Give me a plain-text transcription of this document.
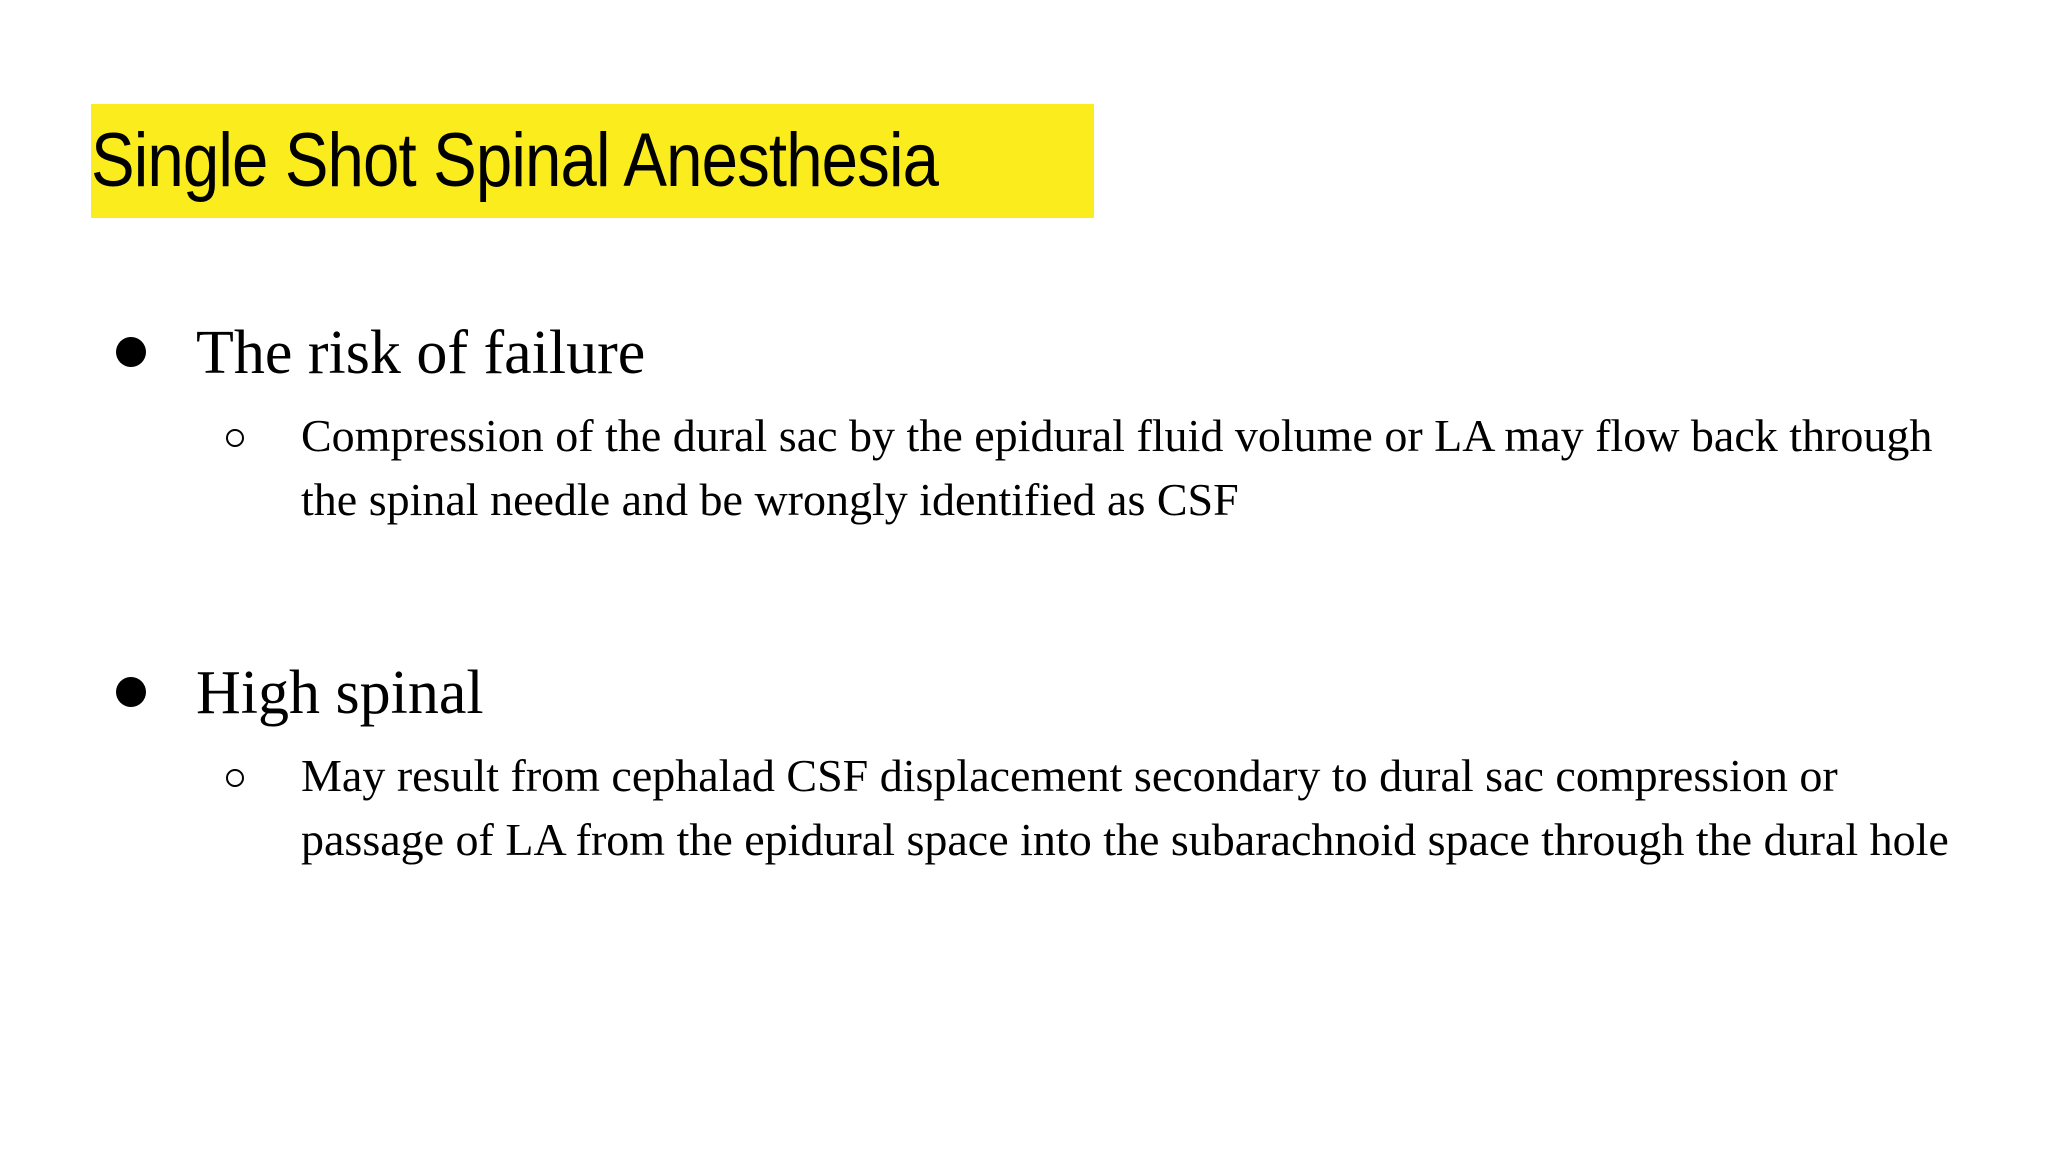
Single Shot Spinal Anesthesia
The risk of failure
Compression of the dural sac by the epidural fluid volume or LA may flow back through the spinal needle and be wrongly identified as CSF
High spinal
May result from cephalad CSF displacement secondary to dural sac compression or passage of LA from the epidural space into the subarachnoid space through the dural hole
